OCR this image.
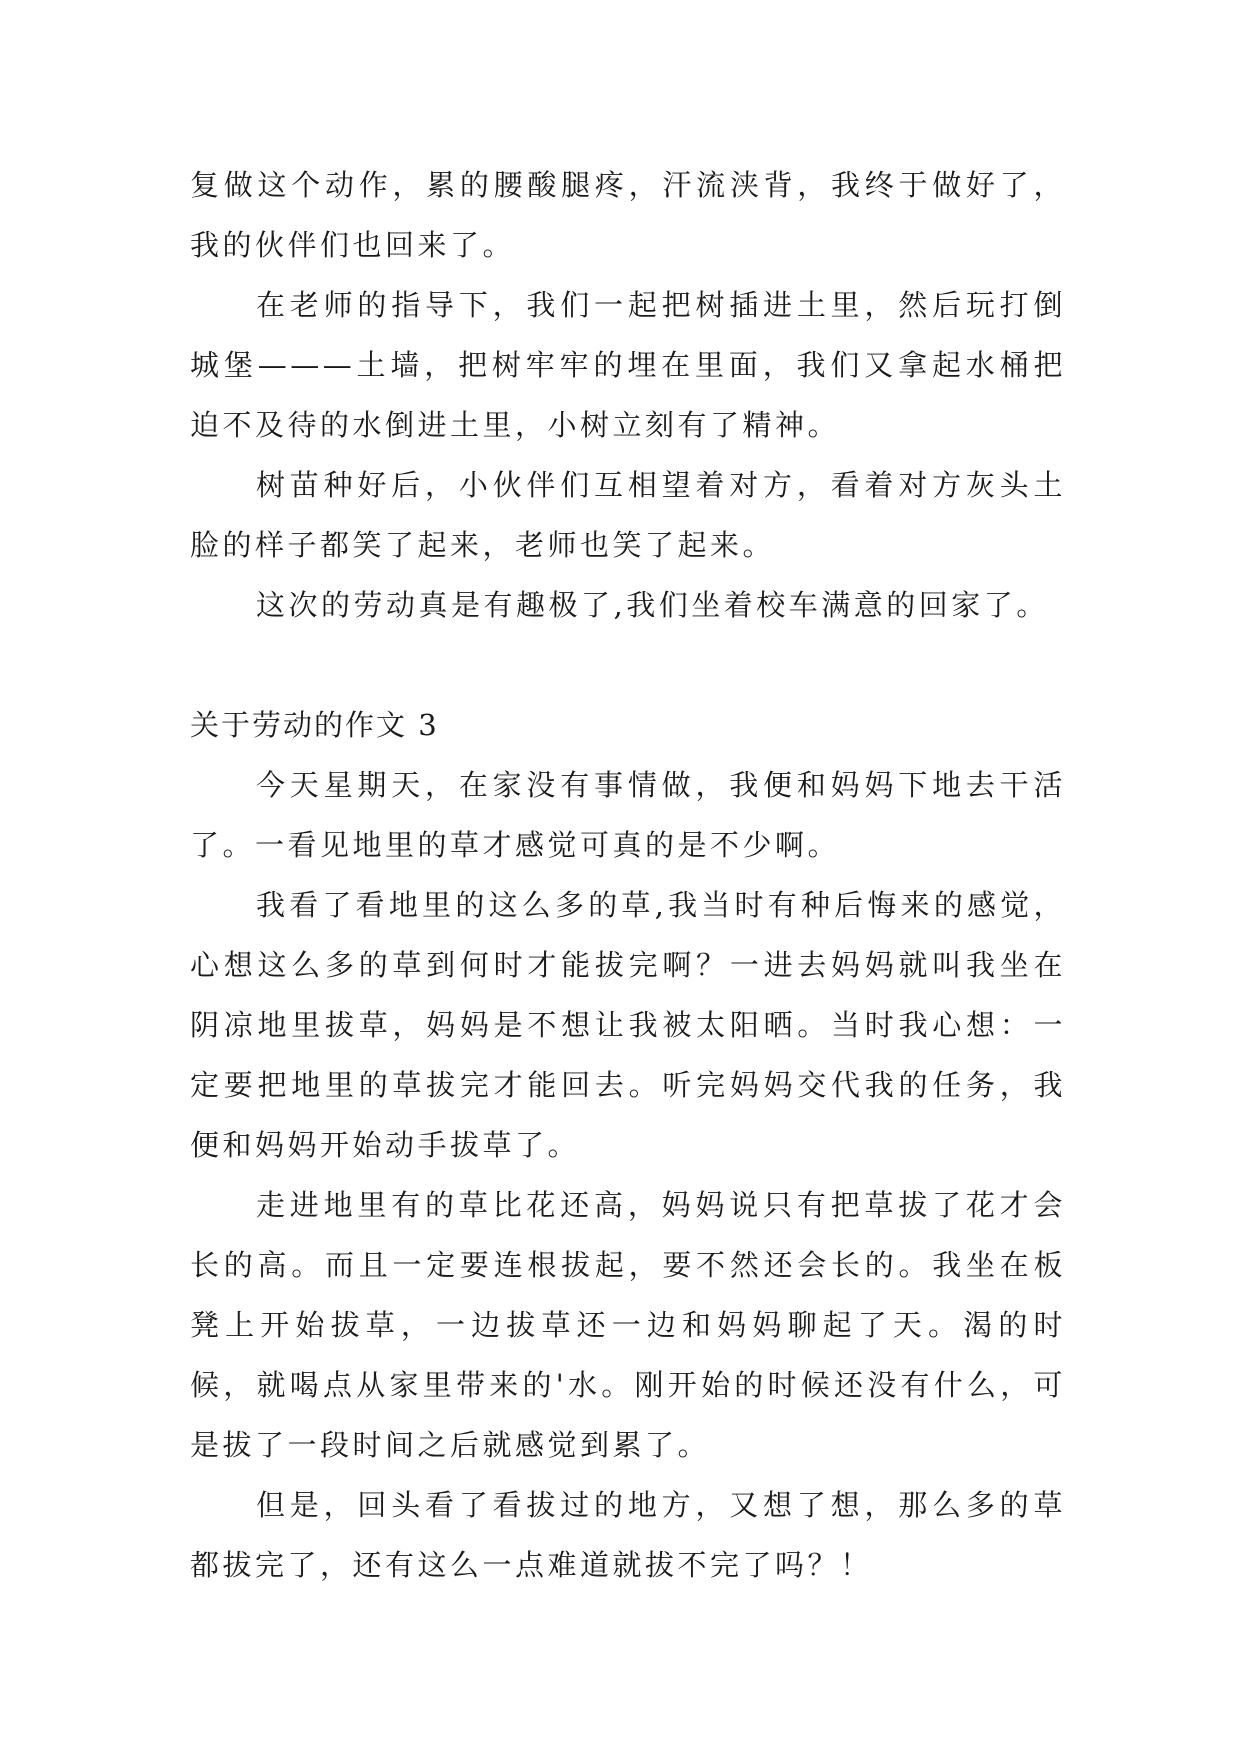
复做这个动作，累的腰酸腿疼，汗流浃背，我终于做好了，我的伙伴们也回来了。

在老师的指导下，我们一起把树插进土里，然后玩打倒城堡———土墙，把树牢牢的埋在里面，我们又拿起水桶把迫不及待的水倒进土里，小树立刻有了精神。

树苗种好后，小伙伴们互相望着对方，看着对方灰头土脸的样子都笑了起来，老师也笑了起来。

这次的劳动真是有趣极了,我们坐着校车满意的回家了。

关于劳动的作文 3

今天星期天，在家没有事情做，我便和妈妈下地去干活了。一看见地里的草才感觉可真的是不少啊。

我看了看地里的这么多的草,我当时有种后悔来的感觉，心想这么多的草到何时才能拔完啊？一进去妈妈就叫我坐在阴凉地里拔草，妈妈是不想让我被太阳晒。当时我心想：一定要把地里的草拔完才能回去。听完妈妈交代我的任务，我便和妈妈开始动手拔草了。

走进地里有的草比花还高，妈妈说只有把草拔了花才会长的高。而且一定要连根拔起，要不然还会长的。我坐在板凳上开始拔草，一边拔草还一边和妈妈聊起了天。渴的时候，就喝点从家里带来的'水。刚开始的时候还没有什么，可是拔了一段时间之后就感觉到累了。

但是，回头看了看拔过的地方，又想了想，那么多的草都拔完了，还有这么一点难道就拔不完了吗？！
